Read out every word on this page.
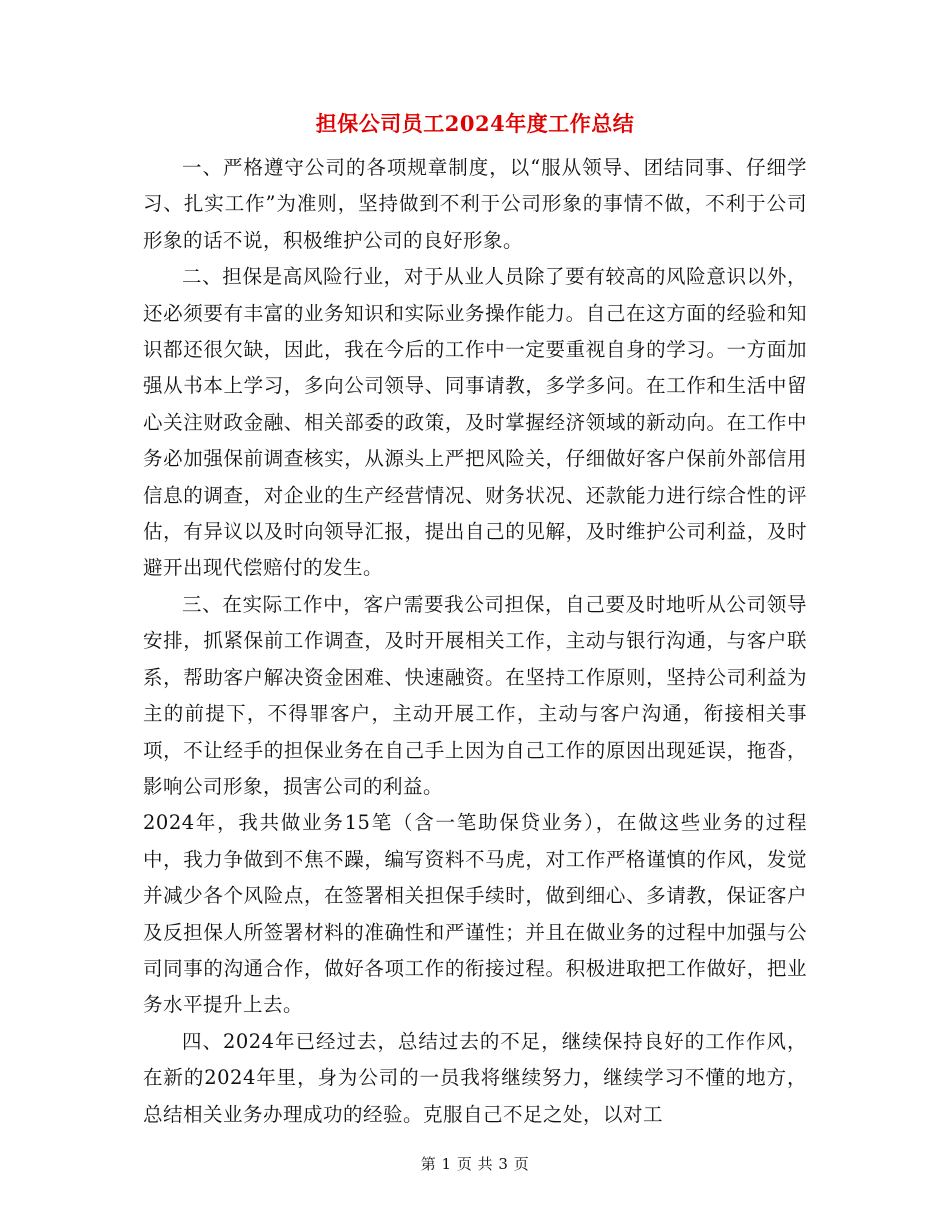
担保公司员工2024年度工作总结

一、严格遵守公司的各项规章制度，以“服从领导、团结同事、仔细学习、扎实工作”为准则，坚持做到不利于公司形象的事情不做，不利于公司形象的话不说，积极维护公司的良好形象。

二、担保是高风险行业，对于从业人员除了要有较高的风险意识以外，还必须要有丰富的业务知识和实际业务操作能力。自己在这方面的经验和知识都还很欠缺，因此，我在今后的工作中一定要重视自身的学习。一方面加强从书本上学习，多向公司领导、同事请教，多学多问。在工作和生活中留心关注财政金融、相关部委的政策，及时掌握经济领域的新动向。在工作中务必加强保前调查核实，从源头上严把风险关，仔细做好客户保前外部信用信息的调查，对企业的生产经营情况、财务状况、还款能力进行综合性的评估，有异议以及时向领导汇报，提出自己的见解，及时维护公司利益，及时避开出现代偿赔付的发生。

三、在实际工作中，客户需要我公司担保，自己要及时地听从公司领导安排，抓紧保前工作调查，及时开展相关工作，主动与银行沟通，与客户联系，帮助客户解决资金困难、快速融资。在坚持工作原则，坚持公司利益为主的前提下，不得罪客户，主动开展工作，主动与客户沟通，衔接相关事项，不让经手的担保业务在自己手上因为自己工作的原因出现延误，拖沓，影响公司形象，损害公司的利益。

2024年，我共做业务15笔（含一笔助保贷业务），在做这些业务的过程中，我力争做到不焦不躁，编写资料不马虎，对工作严格谨慎的作风，发觉并减少各个风险点，在签署相关担保手续时，做到细心、多请教，保证客户及反担保人所签署材料的准确性和严谨性；并且在做业务的过程中加强与公司同事的沟通合作，做好各项工作的衔接过程。积极进取把工作做好，把业务水平提升上去。

四、2024年已经过去，总结过去的不足，继续保持良好的工作作风，在新的2024年里，身为公司的一员我将继续努力，继续学习不懂的地方，总结相关业务办理成功的经验。克服自己不足之处，以对工

第 1 页 共 3 页
